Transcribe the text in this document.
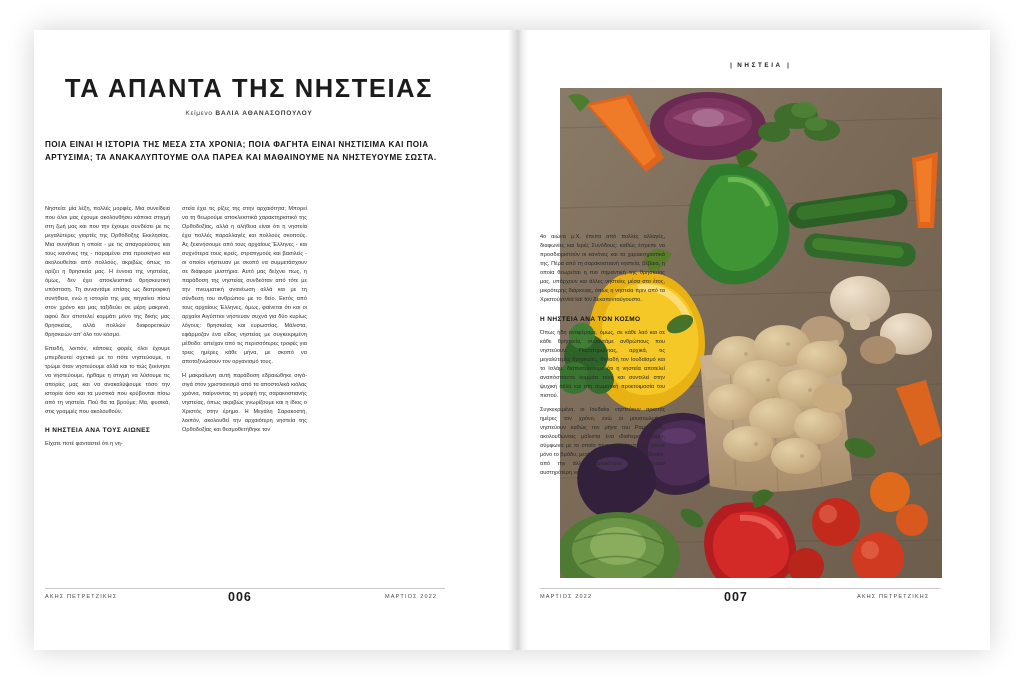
ΤΑ ΑΠΑΝΤΑ ΤΗΣ ΝΗΣΤΕΙΑΣ
Κείμενο ΒΑΛΙΑ ΑΘΑΝΑΣΟΠΟΥΛΟΥ
ΠΟΙΑ ΕΙΝΑΙ Η ΙΣΤΟΡΙΑ ΤΗΣ ΜΕΣΑ ΣΤΑ ΧΡΟΝΙΑ; ΠΟΙΑ ΦΑΓΗΤΑ ΕΙΝΑΙ ΝΗΣΤΙΣΙΜΑ ΚΑΙ ΠΟΙΑ ΑΡΤΥΣΙΜΑ; ΤΑ ΑΝΑΚΑΛΥΠΤΟΥΜΕ ΟΛΑ ΠΑΡΕΑ ΚΑΙ ΜΑΘΑΙΝΟΥΜΕ ΝΑ ΝΗΣΤΕΥΟΥΜΕ ΣΩΣΤΑ.

Νηστεία: μία λέξη, πολλές μορφές. Μια συνείδεια που όλοι μας έχουμε ακολουθήσει κάποια στιγμή στη ζωή μας και που την έχουμε συνδέσει με τις μεγαλύτερες γιορτές της Ορθόδοξης Εκκλησίας. Μια συνήθεια η οποία - με τις απαγορεύσεις και τους κανόνες της - παραμένει στα προσκήνιο και ακολουθείται από πολλούς, ακριβώς όπως το ορίζει η θρησκεία μας. Η έννοια της νηστείας, όμως, δεν έχει αποκλειστικά θρησκευτική υπόσταση. Τη συναντάμε επίσης ως διατροφική συνήθεια, ενώ η ιστορία της μας πηγαίνει πίσω στον χρόνο και μας ταξιδεύει σε μέρη μακρινά, αφού δεν αποτελεί κομμάτι μόνο της δικής μας θρησκείας, αλλά πολλών διαφορετικών θρησκειών απ' όλο τον κόσμο.

Επειδή, λοιπόν, κάποιες φορές όλοι έχουμε μπερδευτεί σχετικά με το πότε νηστεύουμε, τι τρώμε όταν νηστεύουμε αλλά και το πώς ξεκίνησε να νηστεύουμε, ήρθαμε η στιγμή να λύσουμε τις απορίες μας και να ανακαλύψουμε τόσο την ιστορία όσο και τα μυστικά που κρύβονται πίσω από τη νηστεία. Πού θα τα βρούμε; Μα, φυσικά, στις γραμμές που ακολουθούν.

Η ΝΗΣΤΕΙΑ ΑΝΑ ΤΟΥΣ ΑΙΩΝΕΣ

Είχατε ποτέ φανταστεί ότι η νη-

στεία έχει τις ρίζες της στην αρχαιότητα; Μπορεί να τη θεωρούμε αποκλειστικά χαρακτηριστικό της Ορθοδοξίας, αλλά η αλήθεια είναι ότι η νηστεία έχει πολλές παραλλαγές και πολλούς σκοπούς. Ας ξεκινήσουμε από τους αρχαίους Έλληνες - και συχνότερα τους ιερείς, στρατιγμούς και βασιλείς - οι οποίοι νήστευαν με σκοπό να συμμετάσχουν σε διάφορα μυστήρια. Αυτό μας δείχνει πως, η παράδοση της νηστείας συνδεόταν από τότε με την πνευματική ανανέωση αλλά και με τη σύνδεση του ανθρώπου με το θείο. Εκτός από τους αρχαίους Έλληνες, όμως, φαίνεται ότι και οι αρχαίοι Αιγύπτιοι νήστευαν συχνά για δύο κυρίως λόγους: θρησκείας και ευρωστίας. Μάλιστα, εφάρμοζαν ένα είδος νηστείας με συγκεκριμένη μέθοδο: απείχαν από τις περισσότερες τροφές για τρεις ημέρες κάθε μήνα, με σκοπό να αποτοξινώσουν τον οργανισμό τους.

Η μακραίωνη αυτή παράδοση εδραιώθηκε σιγά-σιγά στον χριστιανισμό από τα αποστολικά κιόλας χρόνια, παίρνοντας τη μορφή της σαρακοστιανής νηστείας, όπως ακριβώς γνωρίζουμε και η ίδιος ο Χριστός στην έρημο. Η Μεγάλη Σαρακοστή, λοιπόν, ακολουθεί την αρχαιότερη νηστεία της Ορθοδοξίας και θεσμοθετήθηκε τον

ΑΚΗΣ ΠΕΤΡΕΤΖΙΚΗΣ	006	ΜΑΡΤΙΟΣ 2022
| ΝΗΣΤΕΙΑ |

4ο αιώνα μ.Χ. έπειτα από πολλές αλλαγές, διαφωνίες και Ιερές Συνόδους: καθώς έπρεπε να προσδιοριστούν οι κανόνες και τα χαρακτηριστικά της. Πέρα από τη σαρακοστιανή νηστεία, βέβαια, η οποία θεωρείται η πιο σημαντική της θρησκείας μας, υπάρχουν και άλλες νηστείες μέσα στο έτος, μικρότερης διάρκειας, όπως η νηστεία πριν από τα Χριστούγεννα και τον Δεκαπενταύγουστο.

Η ΝΗΣΤΕΙΑ ΑΝΑ ΤΟΝ ΚΟΣΜΟ

Όπως ήδη αναφέραμε, όμως, σε κάθε λαό και σε κάθε θρησκεία, συναντάμε ανθρώπους που νηστεύουν. Παρατηρώντας, αρχικά, τις μεγαλύτερες θρησκείες, δηλαδή τον Ιουδαϊσμό και το Ισλάμ, διαπιστώνουμε ότι η νηστεία αποτελεί αναπόσπαστο κομμάτι τους και συντελεί στην ψυχική αλλά και στη σωματική προετοιμασία του πιστού.

Συγκεκριμένα, οι Ιουδαίοι νηστεύουν αρκετές ημέρες τον χρόνο, ενώ οι μουσουλμάνοι νηστεύουν καθώς τον μήνα του Ραμαζανιού, ακολουθώντας μάλιστα ένα ιδιαίτερο ωράριο, σύμφωνα με το οποίο τους επιτρέπεται να τρώνε μόνο το βράδυ, μετά τη δύση του ηλίου. Οι εβραίοι, από την άλλη, παλαιότερα ακολουθούσαν αυστηρότερη νηστεία σε σχέση με σήμερα που

ΜΑΡΤΙΟΣ 2022	007	ΑΚΗΣ ΠΕΤΡΕΤΖΙΚΗΣ
